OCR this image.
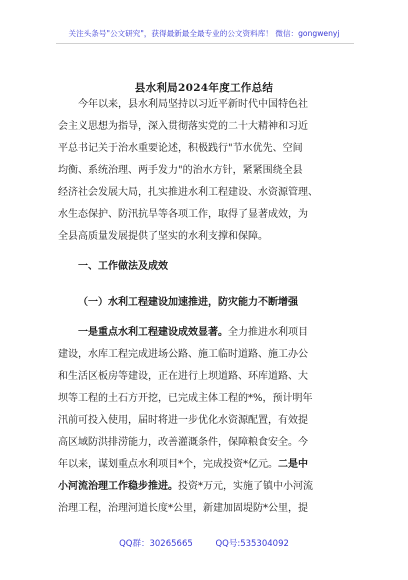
关注头条号"公文研究"，获得最新最全最专业的公文资料库！ 微信：gongwenyj
县水利局2024年度工作总结
今年以来，县水利局坚持以习近平新时代中国特色社
会主义思想为指导，深入贯彻落实党的二十大精神和习近
平总书记关于治水重要论述，积极践行"节水优先、空间
均衡、系统治理、两手发力"的治水方针，紧紧围绕全县
经济社会发展大局，扎实推进水利工程建设、水资源管理、
水生态保护、防汛抗旱等各项工作，取得了显著成效，为
全县高质量发展提供了坚实的水利支撑和保障。
一、工作做法及成效
（一）水利工程建设加速推进，防灾能力不断增强
一是重点水利工程建设成效显著。全力推进水利项目
建设，水库工程完成进场公路、施工临时道路、施工办公
和生活区板房等建设，正在进行上坝道路、环库道路、大
坝等工程的土石方开挖，已完成主体工程的*%，预计明年
汛前可投入使用，届时将进一步优化水资源配置，有效提
高区域防洪排涝能力，改善灌溉条件，保障粮食安全。今
年以来，谋划重点水利项目*个，完成投资*亿元。二是中
小河流治理工作稳步推进。投资*万元，实施了镇中小河流
治理工程，治理河道长度*公里，新建加固堤防*公里，提
QQ群：30265665	QQ号:535304092
